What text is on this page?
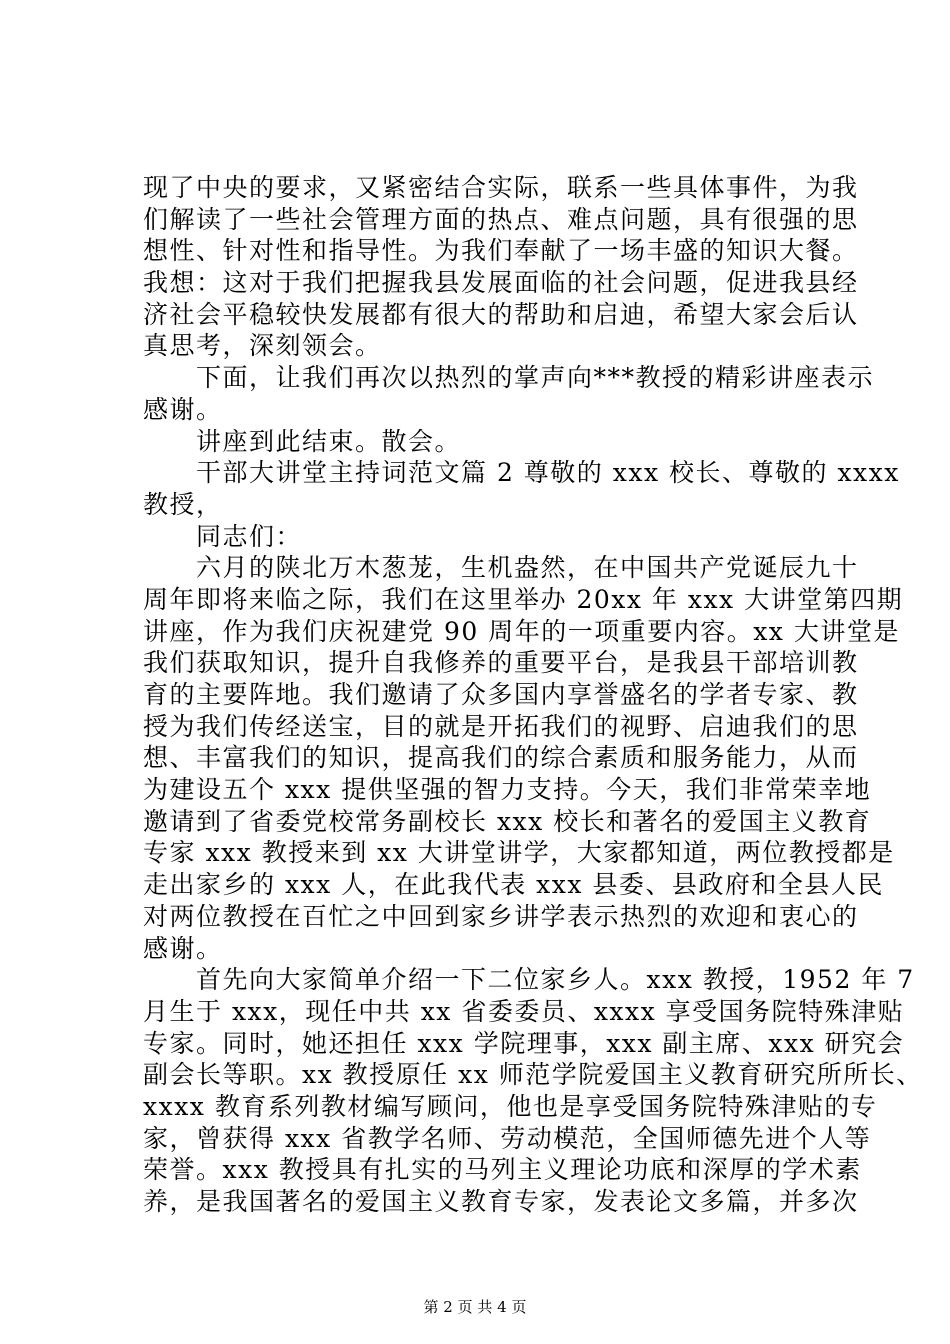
现了中央的要求，又紧密结合实际，联系一些具体事件，为我
们解读了一些社会管理方面的热点、难点问题，具有很强的思
想性、针对性和指导性。为我们奉献了一场丰盛的知识大餐。
我想：这对于我们把握我县发展面临的社会问题，促进我县经
济社会平稳较快发展都有很大的帮助和启迪，希望大家会后认
真思考，深刻领会。
　　下面，让我们再次以热烈的掌声向***教授的精彩讲座表示
感谢。
　　讲座到此结束。散会。
　　干部大讲堂主持词范文篇 2 尊敬的 xxx 校长、尊敬的 xxxx
教授，
　　同志们：
　　六月的陕北万木葱茏，生机盎然，在中国共产党诞辰九十
周年即将来临之际，我们在这里举办 20xx 年 xxx 大讲堂第四期
讲座，作为我们庆祝建党 90 周年的一项重要内容。xx 大讲堂是
我们获取知识，提升自我修养的重要平台，是我县干部培训教
育的主要阵地。我们邀请了众多国内享誉盛名的学者专家、教
授为我们传经送宝，目的就是开拓我们的视野、启迪我们的思
想、丰富我们的知识，提高我们的综合素质和服务能力，从而
为建设五个 xxx 提供坚强的智力支持。今天，我们非常荣幸地
邀请到了省委党校常务副校长 xxx 校长和著名的爱国主义教育
专家 xxx 教授来到 xx 大讲堂讲学，大家都知道，两位教授都是
走出家乡的 xxx 人，在此我代表 xxx 县委、县政府和全县人民
对两位教授在百忙之中回到家乡讲学表示热烈的欢迎和衷心的
感谢。
　　首先向大家简单介绍一下二位家乡人。xxx 教授，1952 年 7
月生于 xxx，现任中共 xx 省委委员、xxxx 享受国务院特殊津贴
专家。同时，她还担任 xxx 学院理事，xxx 副主席、xxx 研究会
副会长等职。xx 教授原任 xx 师范学院爱国主义教育研究所所长、
xxxx 教育系列教材编写顾问，他也是享受国务院特殊津贴的专
家，曾获得 xxx 省教学名师、劳动模范，全国师德先进个人等
荣誉。xxx 教授具有扎实的马列主义理论功底和深厚的学术素
养，是我国著名的爱国主义教育专家，发表论文多篇，并多次
第 2 页 共 4 页
